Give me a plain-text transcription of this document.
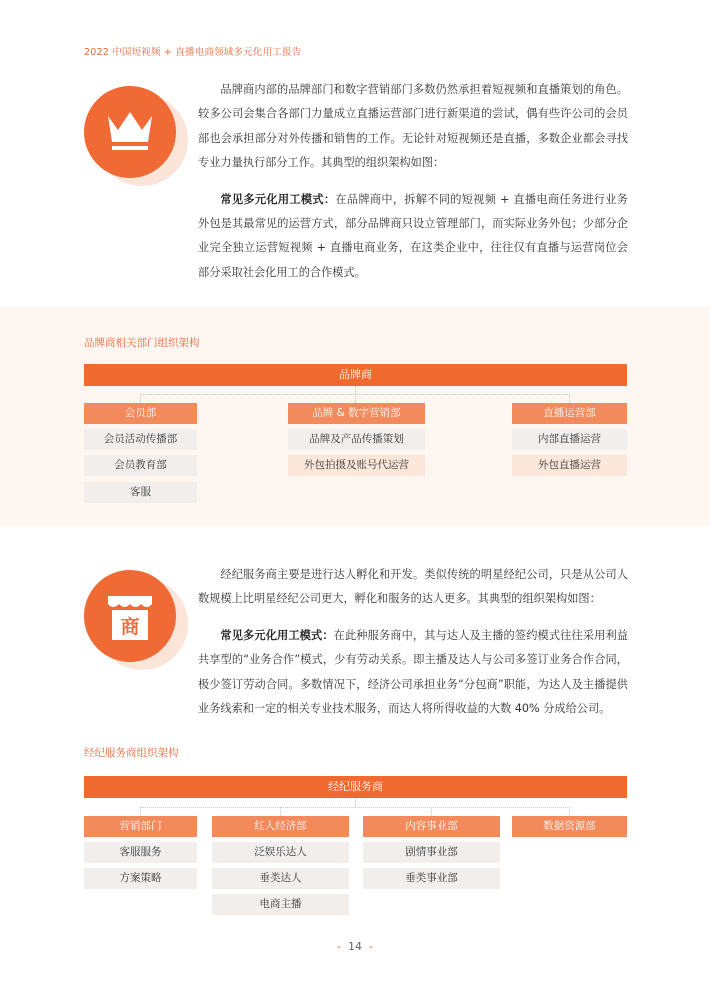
2022 中国短视频 + 直播电商领域多元化用工报告

品牌商内部的品牌部门和数字营销部门多数仍然承担着短视频和直播策划的角色。较多公司会集合各部门力量成立直播运营部门进行新渠道的尝试，偶有些许公司的会员部也会承担部分对外传播和销售的工作。无论针对短视频还是直播，多数企业都会寻找专业力量执行部分工作。其典型的组织架构如图：

常见多元化用工模式：在品牌商中，拆解不同的短视频 + 直播电商任务进行业务外包是其最常见的运营方式，部分品牌商只设立管理部门，而实际业务外包；少部分企业完全独立运营短视频 + 直播电商业务，在这类企业中，往往仅有直播与运营岗位会部分采取社会化用工的合作模式。

品牌商相关部门组织架构
品牌商
会员部
会员活动传播部
会员教育部
客服
品牌 & 数字营销部
品牌及产品传播策划
外包拍摄及账号代运营
直播运营部
内部直播运营
外包直播运营
商

经纪服务商主要是进行达人孵化和开发。类似传统的明星经纪公司，只是从公司人数规模上比明星经纪公司更大，孵化和服务的达人更多。其典型的组织架构如图：

常见多元化用工模式：在此种服务商中，其与达人及主播的签约模式往往采用利益共享型的“业务合作”模式，少有劳动关系。即主播及达人与公司多签订业务合作合同，极少签订劳动合同。多数情况下，经济公司承担业务“分包商”职能，为达人及主播提供业务线索和一定的相关专业技术服务，而达人将所得收益的大数 40% 分成给公司。

经纪服务商组织架构
经纪服务商
营销部门
客服服务
方案策略
红人经济部
泛娱乐达人
垂类达人
电商主播
内容事业部
剧情事业部
垂类事业部
数据资源部
- 14 -
